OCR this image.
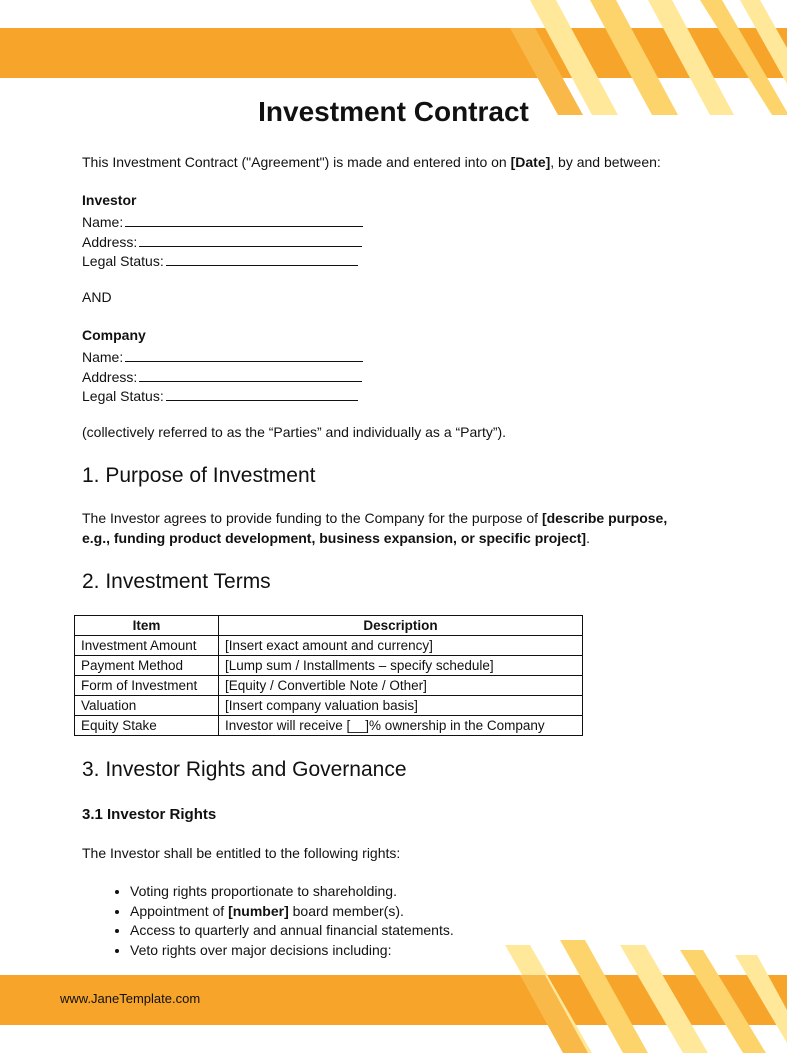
Investment Contract

This Investment Contract ("Agreement") is made and entered into on [Date], by and between:

Investor
Name:
Address:
Legal Status:
AND
Company
Name:
Address:
Legal Status:
(collectively referred to as the “Parties” and individually as a “Party”).
1. Purpose of Investment
The Investor agrees to provide funding to the Company for the purpose of [describe purpose,
e.g., funding product development, business expansion, or specific project].
2. Investment Terms
Item	Description
Investment Amount	[Insert exact amount and currency]
Payment Method	[Lump sum / Installments – specify schedule]
Form of Investment	[Equity / Convertible Note / Other]
Valuation	[Insert company valuation basis]
Equity Stake	Investor will receive [__]% ownership in the Company
3. Investor Rights and Governance
3.1 Investor Rights
The Investor shall be entitled to the following rights:
• Voting rights proportionate to shareholding.
• Appointment of [number] board member(s).
• Access to quarterly and annual financial statements.
• Veto rights over major decisions including:
www.JaneTemplate.com
